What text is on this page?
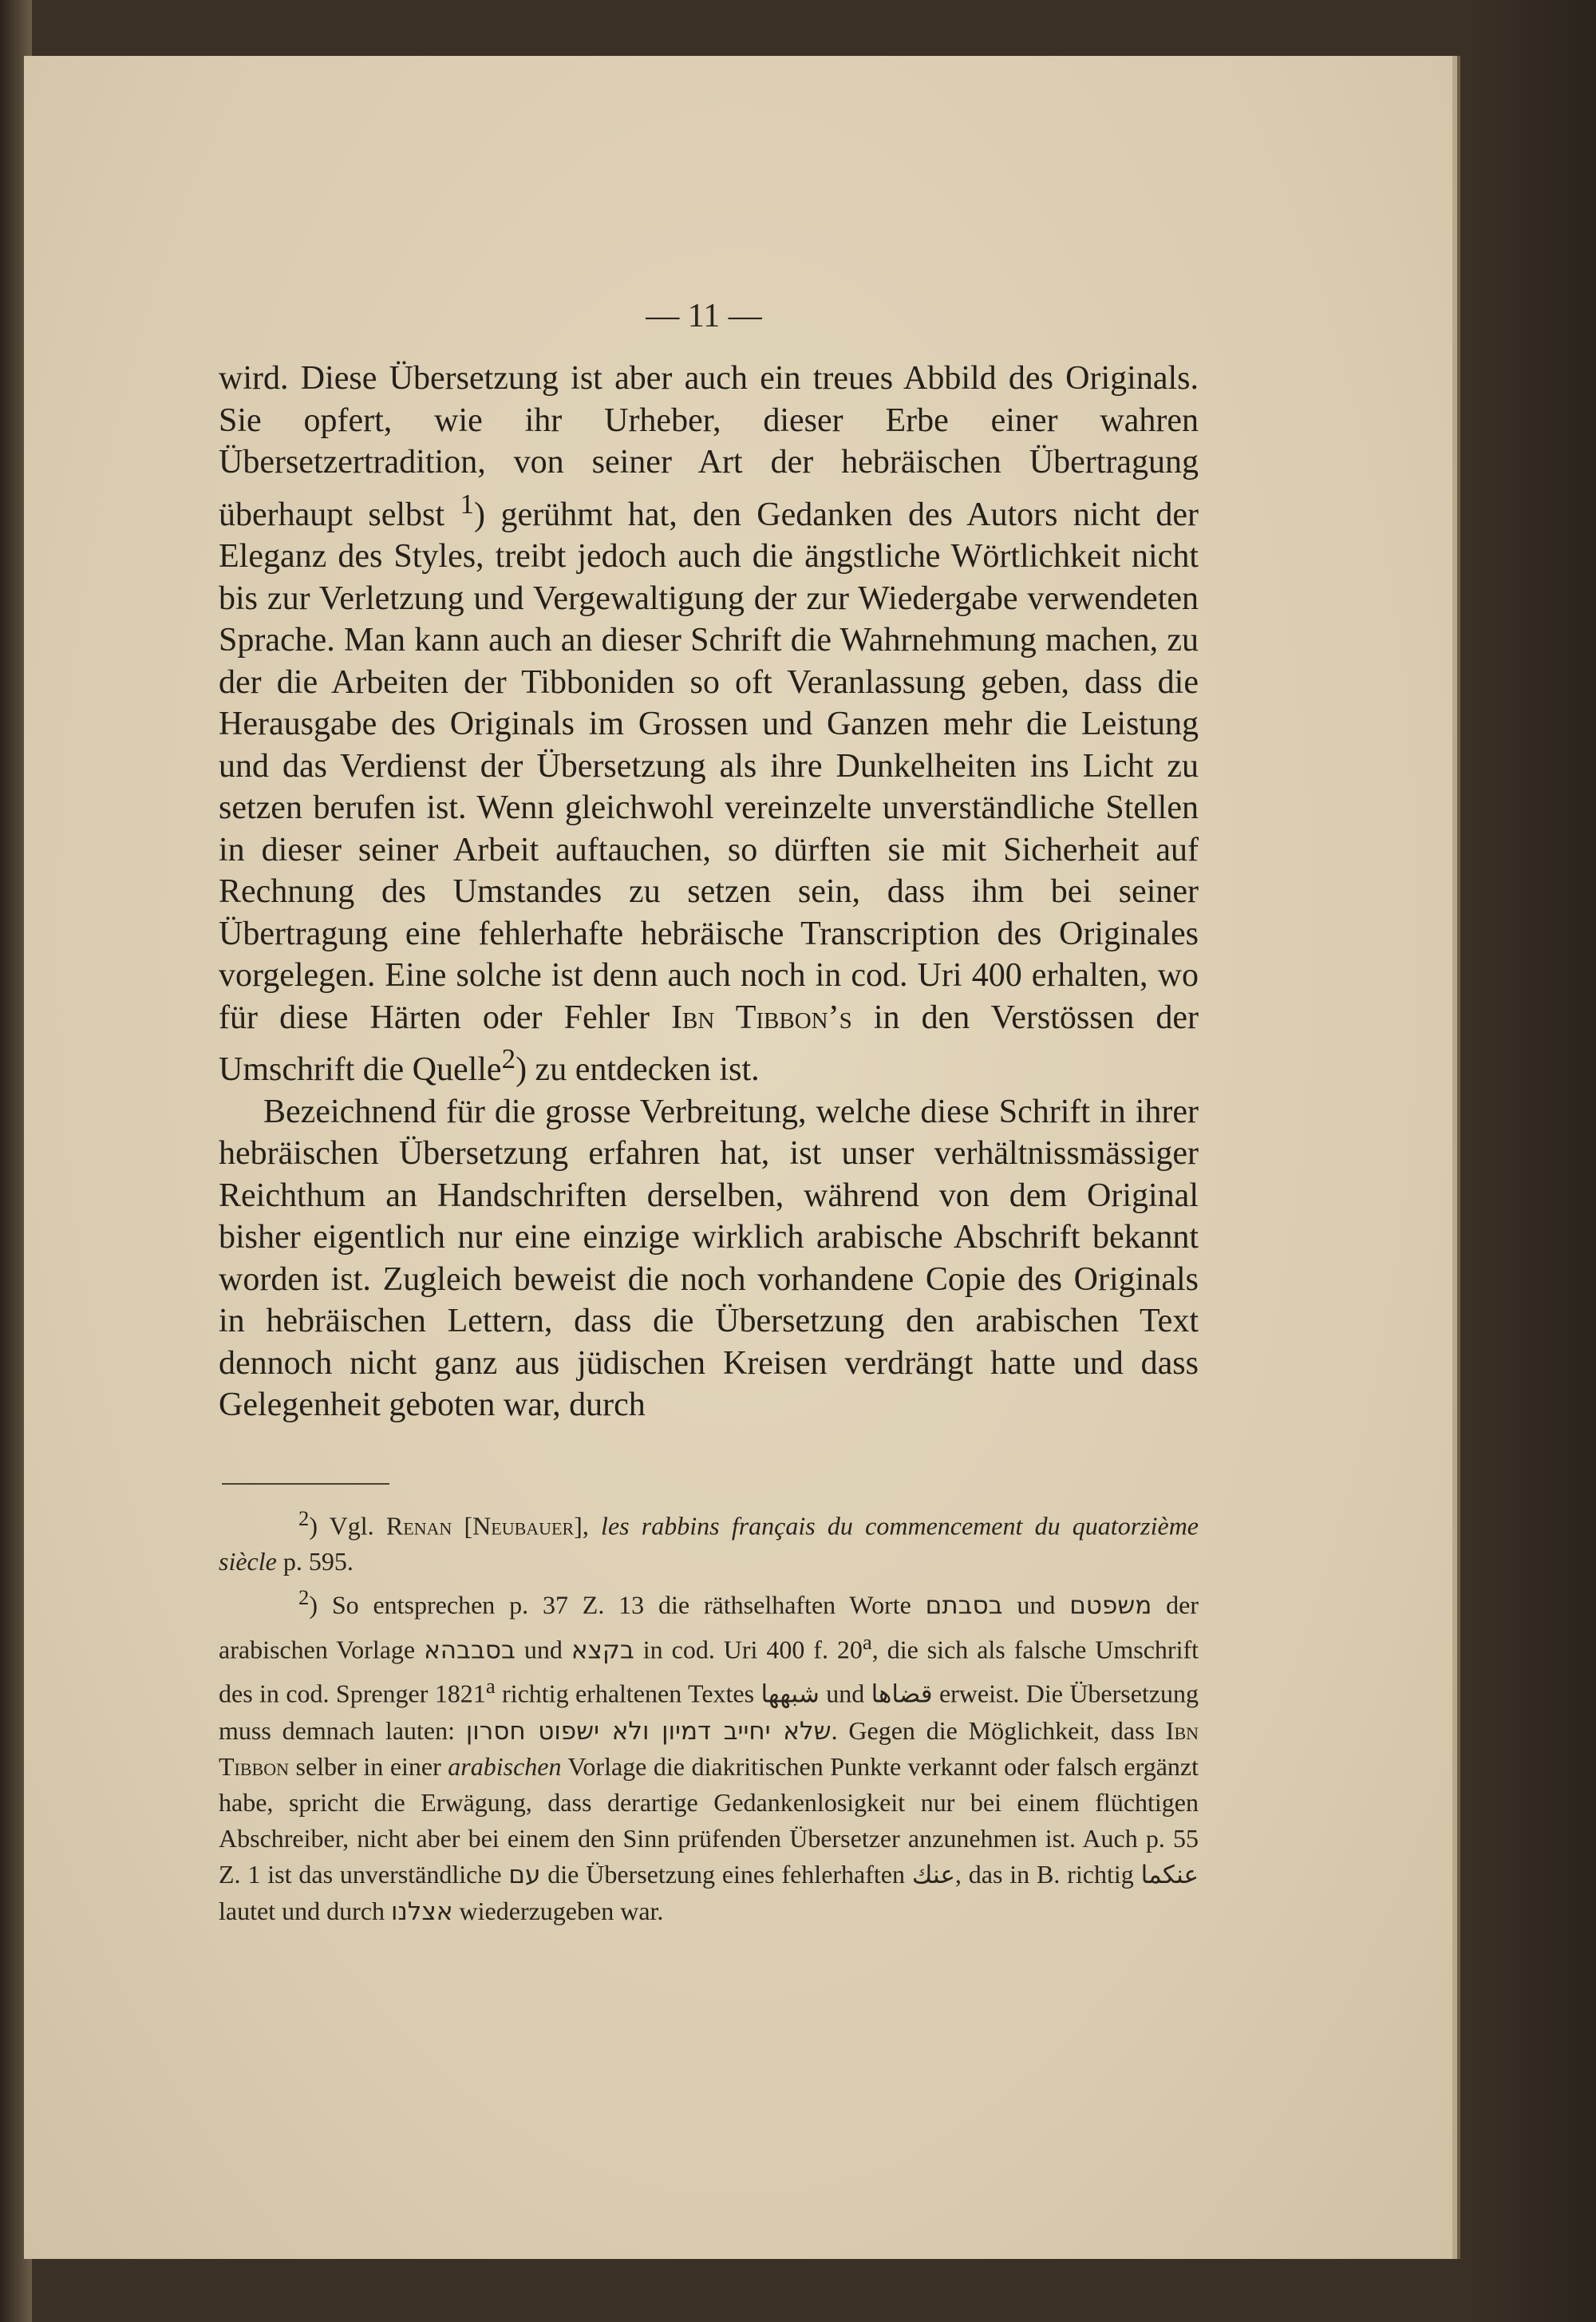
— 11 —

wird. Diese Übersetzung ist aber auch ein treues Abbild des Originals. Sie opfert, wie ihr Urheber, dieser Erbe einer wahren Übersetzertradition, von seiner Art der hebräischen Übertragung überhaupt selbst $^1$) gerühmt hat, den Gedanken des Autors nicht der Eleganz des Styles, treibt jedoch auch die ängstliche Wörtlichkeit nicht bis zur Verletzung und Vergewaltigung der zur Wiedergabe verwendeten Sprache. Man kann auch an dieser Schrift die Wahrnehmung machen, zu der die Arbeiten der Tibboniden so oft Veranlassung geben, dass die Herausgabe des Originals im Grossen und Ganzen mehr die Leistung und das Verdienst der Übersetzung als ihre Dunkelheiten ins Licht zu setzen berufen ist. Wenn gleichwohl vereinzelte unverständliche Stellen in dieser seiner Arbeit auftauchen, so dürften sie mit Sicherheit auf Rechnung des Umstandes zu setzen sein, dass ihm bei seiner Übertragung eine fehlerhafte hebräische Transcription des Originales vorgelegen. Eine solche ist denn auch noch in cod. Uri 400 erhalten, wo für diese Härten oder Fehler Ibn Tibbon’s in den Verstössen der Umschrift die Quelle$^2$) zu entdecken ist.

Bezeichnend für die grosse Verbreitung, welche diese Schrift in ihrer hebräischen Übersetzung erfahren hat, ist unser verhältnissmässiger Reichthum an Handschriften derselben, während von dem Original bisher eigentlich nur eine einzige wirklich arabische Abschrift bekannt worden ist. Zugleich beweist die noch vorhandene Copie des Originals in hebräischen Lettern, dass die Übersetzung den arabischen Text dennoch nicht ganz aus jüdischen Kreisen verdrängt hatte und dass Gelegenheit geboten war, durch

$^2$) Vgl. Renan [Neubauer], les rabbins français du commencement du quatorzième siècle p. 595.

$^2$) So entsprechen p. 37 Z. 13 die räthselhaften Worte בסבתם und משפטם der arabischen Vorlage בסבבהא und בקצא in cod. Uri 400 f. 20$^a$, die sich als falsche Umschrift des in cod. Sprenger 1821$^a$ richtig erhaltenen Textes شبهها und قضاها erweist. Die Übersetzung muss demnach lauten: שלא יחייב דמיון ולא ישפוט חסרון. Gegen die Möglichkeit, dass Ibn Tibbon selber in einer arabischen Vorlage die diakritischen Punkte verkannt oder falsch ergänzt habe, spricht die Erwägung, dass derartige Gedankenlosigkeit nur bei einem flüchtigen Abschreiber, nicht aber bei einem den Sinn prüfenden Übersetzer anzunehmen ist. Auch p. 55 Z. 1 ist das unverständliche עם die Übersetzung eines fehlerhaften عنك, das in B. richtig عنكما lautet und durch אצלנו wiederzugeben war.
